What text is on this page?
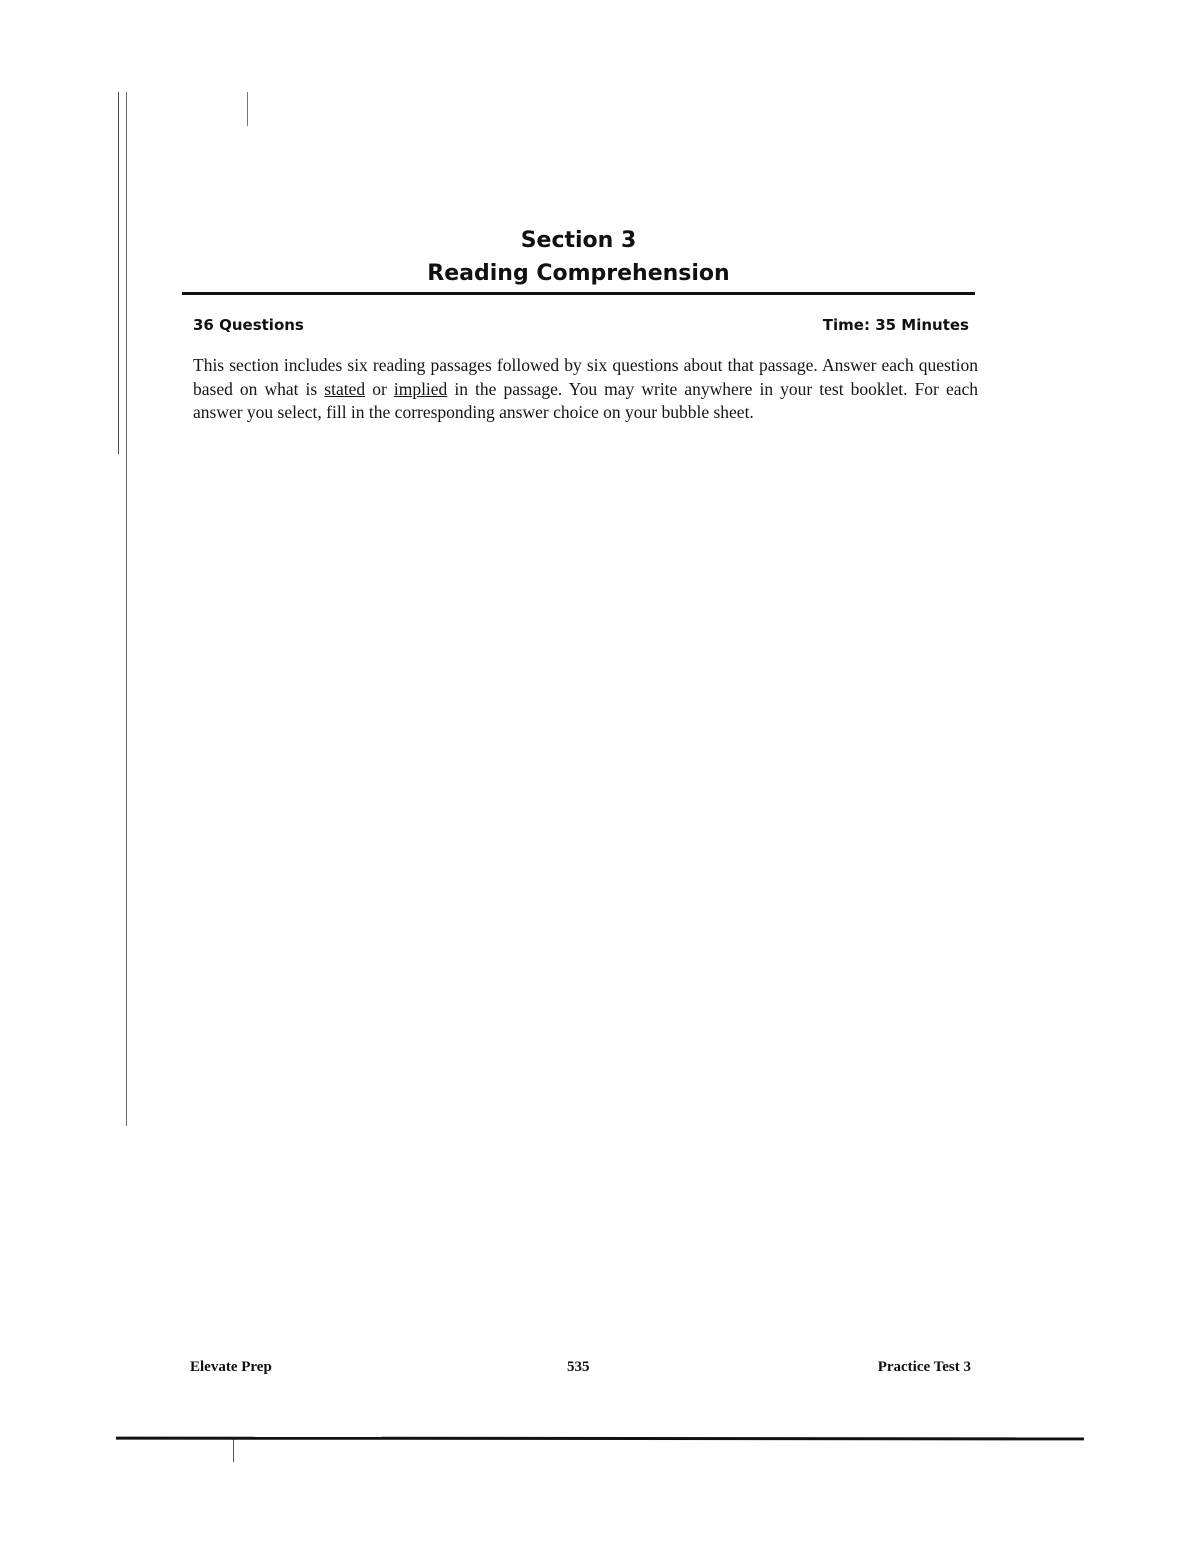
Section 3
Reading Comprehension
36 Questions	Time: 35 Minutes

This section includes six reading passages followed by six questions about that passage. Answer each question based on what is stated or implied in the passage. You may write anywhere in your test booklet. For each answer you select, fill in the corresponding answer choice on your bubble sheet.

Elevate Prep	535	Practice Test 3
